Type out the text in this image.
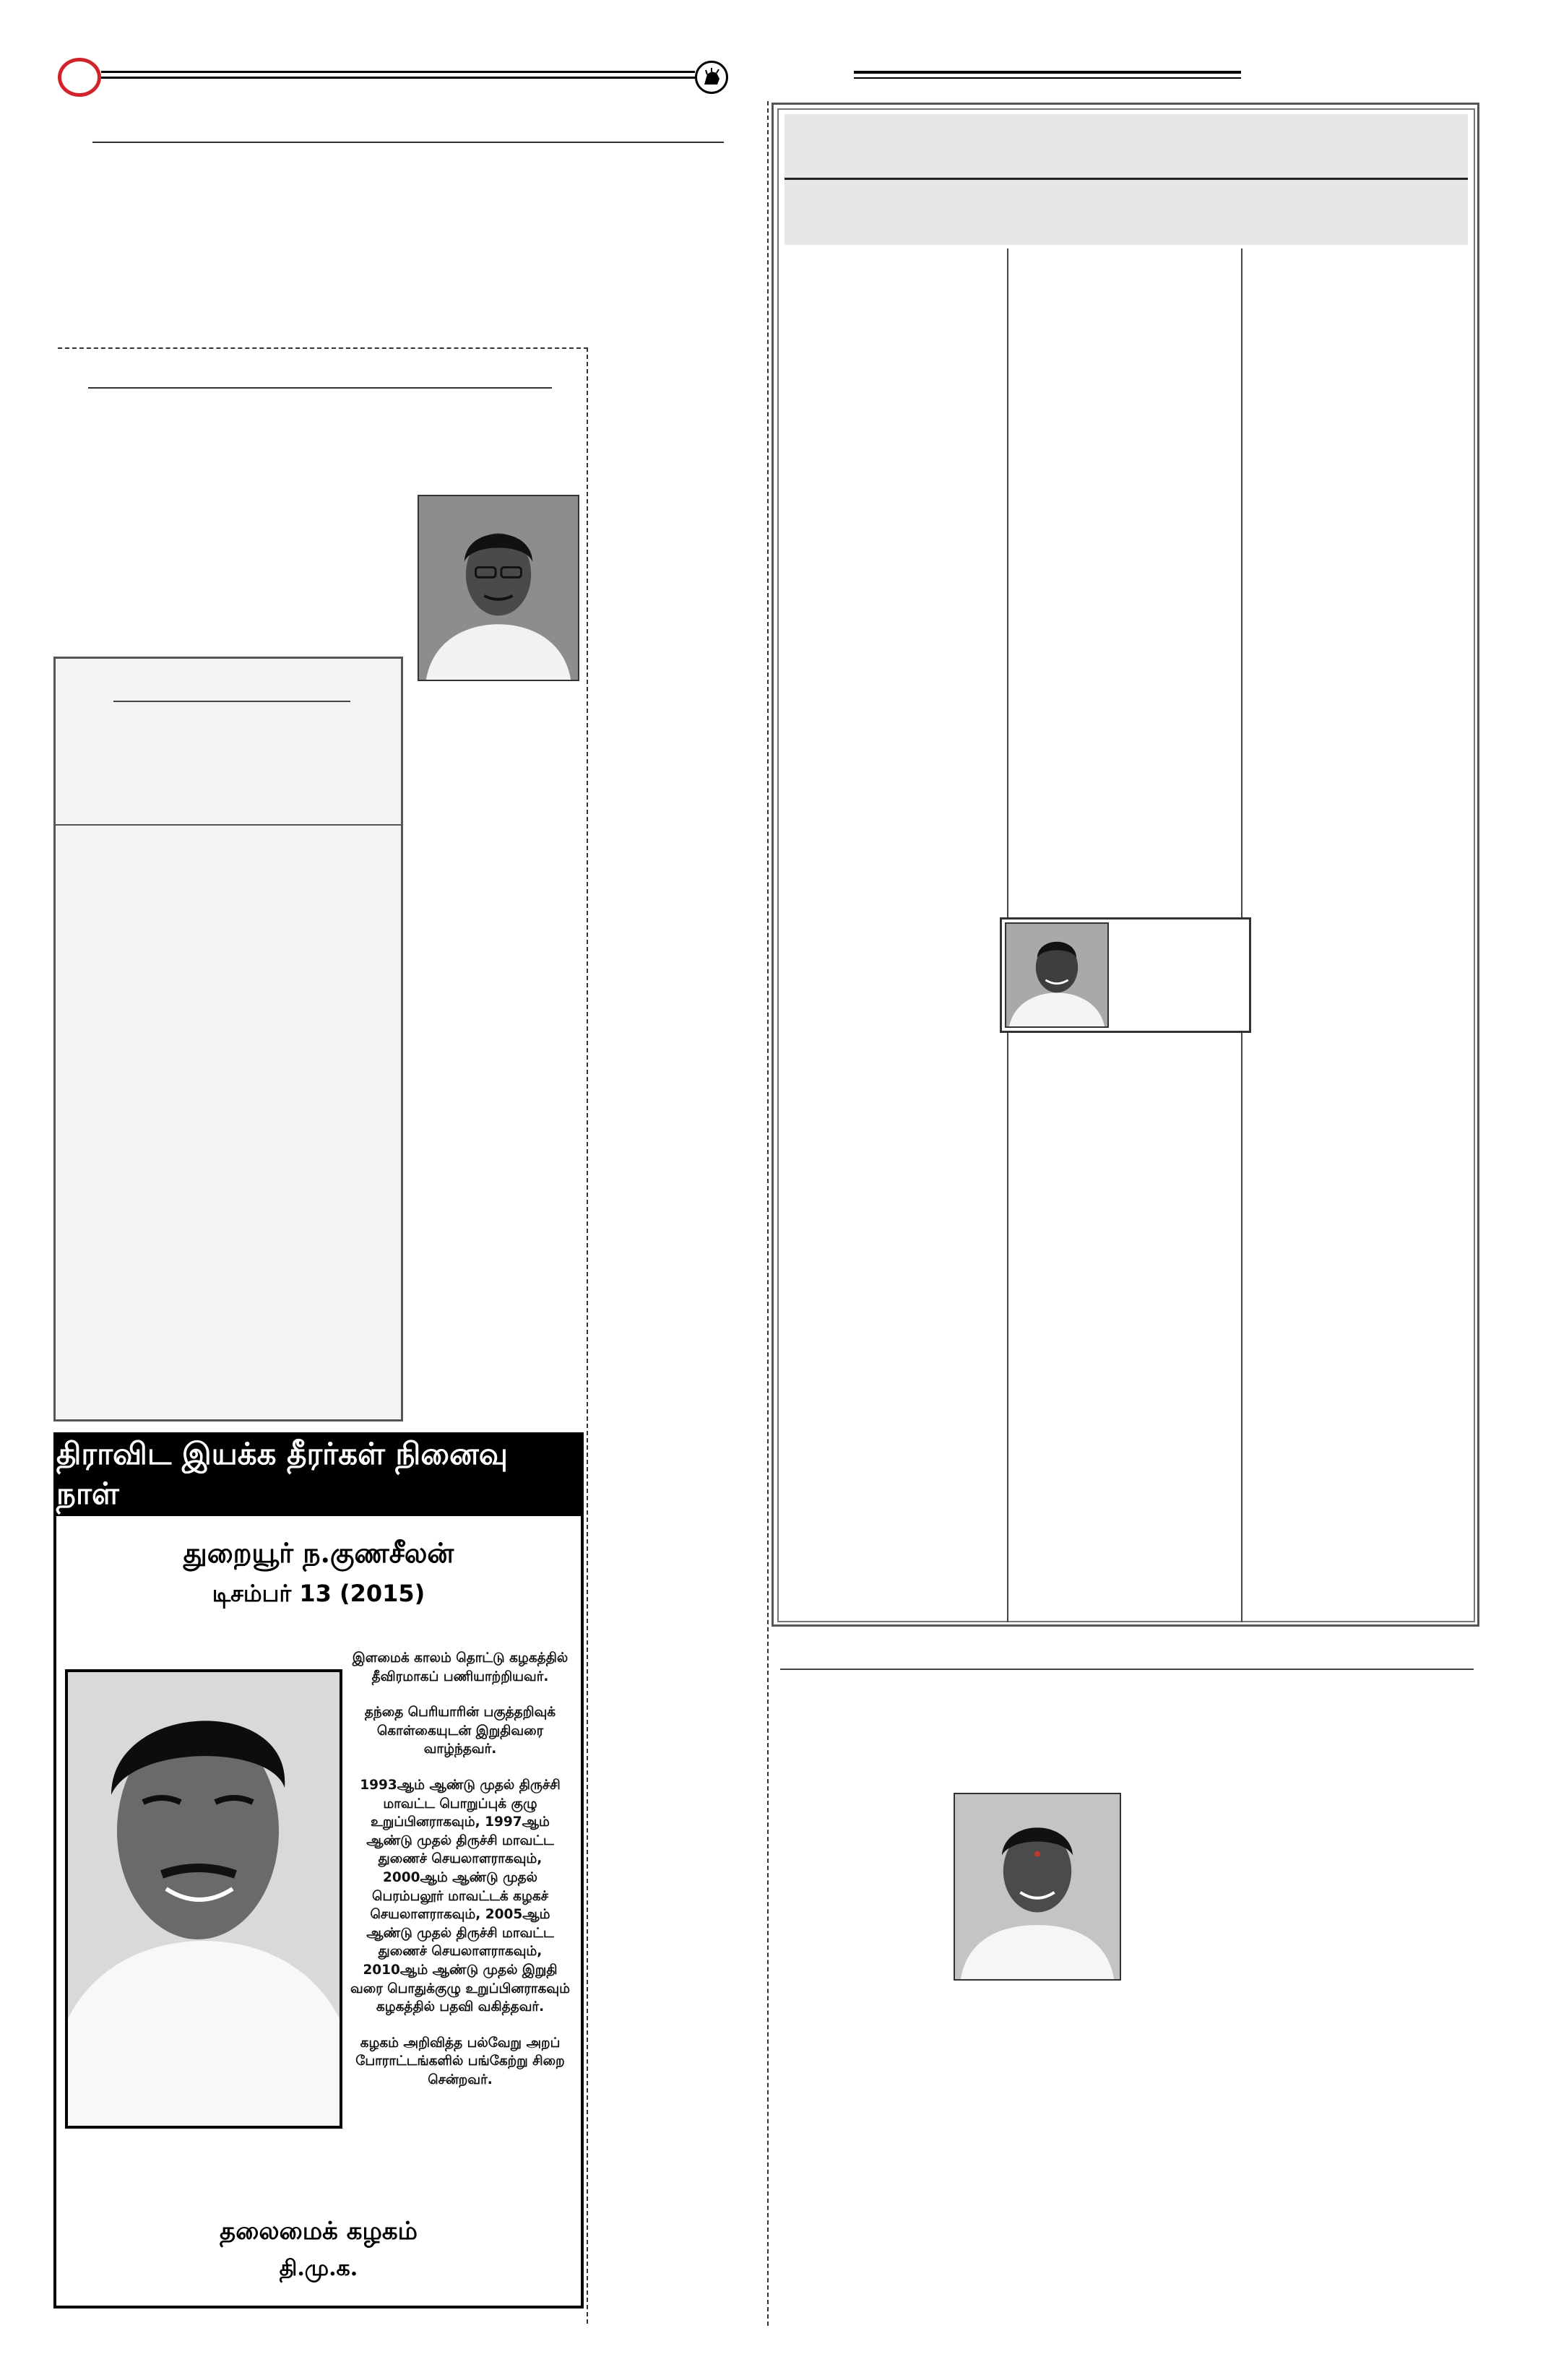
திராவிட இயக்க தீரர்கள் நினைவு நாள்
துறையூர் ந.குணசீலன்
டிசம்பர் 13 (2015)

இளமைக் காலம் தொட்டு கழகத்தில் தீவிரமாகப் பணியாற்றியவர்.

தந்தை பெரியாரின் பகுத்தறிவுக் கொள்கையுடன் இறுதிவரை வாழ்ந்தவர்.

1993ஆம் ஆண்டு முதல் திருச்சி மாவட்ட பொறுப்புக் குழு உறுப்பினராகவும், 1997ஆம் ஆண்டு முதல் திருச்சி மாவட்ட துணைச் செயலாளராகவும், 2000ஆம் ஆண்டு முதல் பெரம்பலூர் மாவட்டக் கழகச் செயலாளராகவும், 2005ஆம் ஆண்டு முதல் திருச்சி மாவட்ட துணைச் செயலாளராகவும், 2010ஆம் ஆண்டு முதல் இறுதி வரை பொதுக்குழு உறுப்பினராகவும் கழகத்தில் பதவி வகித்தவர்.

கழகம் அறிவித்த பல்வேறு அறப் போராட்டங்களில் பங்கேற்று சிறை சென்றவர்.

தலைமைக் கழகம்
தி.மு.க.
